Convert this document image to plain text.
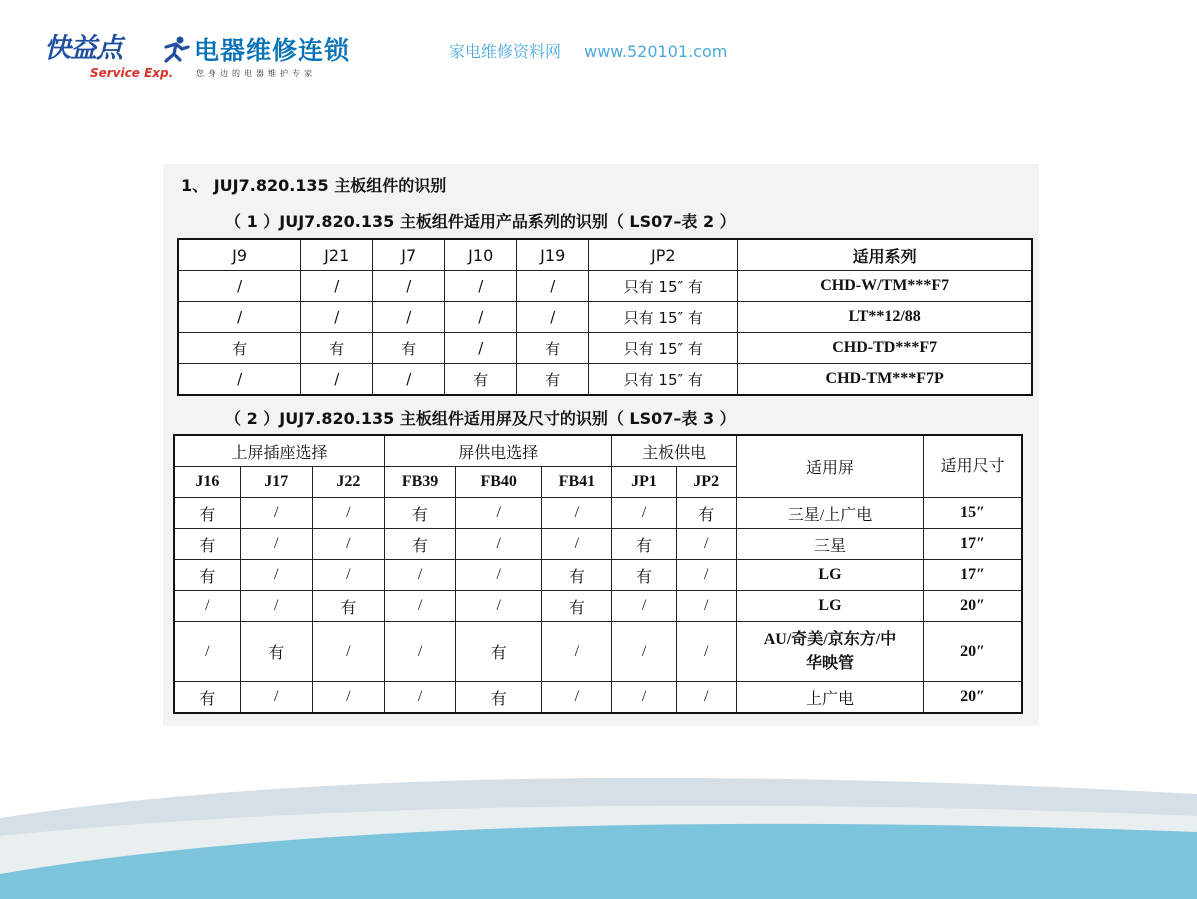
快益点
Service Exp.
电器维修连锁
您身边的电器维护专家
家电维修资料网 www.520101.com
1、 JUJ7.820.135 主板组件的识别
（ 1 ）JUJ7.820.135 主板组件适用产品系列的识别（ LS07–表 2 ）
J9	J21	J7	J10	J19	JP2	适用系列
/	/	/	/	/	只有 15″ 有	CHD-W/TM***F7
/	/	/	/	/	只有 15″ 有	LT**12/88
有	有	有	/	有	只有 15″ 有	CHD-TD***F7
/	/	/	有	有	只有 15″ 有	CHD-TM***F7P
（ 2 ）JUJ7.820.135 主板组件适用屏及尺寸的识别（ LS07–表 3 ）
上屏插座选择			屏供电选择			主板供电		适用屏	适用尺寸
J16	J17	J22	FB39	FB40	FB41	JP1	JP2		
有	/	/	有	/	/	/	有	三星/上广电	15″
有	/	/	有	/	/	有	/	三星	17″
有	/	/	/	/	有	有	/	LG	17″
/	/	有	/	/	有	/	/	LG	20″
/	有	/	/	有	/	/	/	AU/奇美/京东方/中华映管	20″
有	/	/	/	有	/	/	/	上广电	20″
